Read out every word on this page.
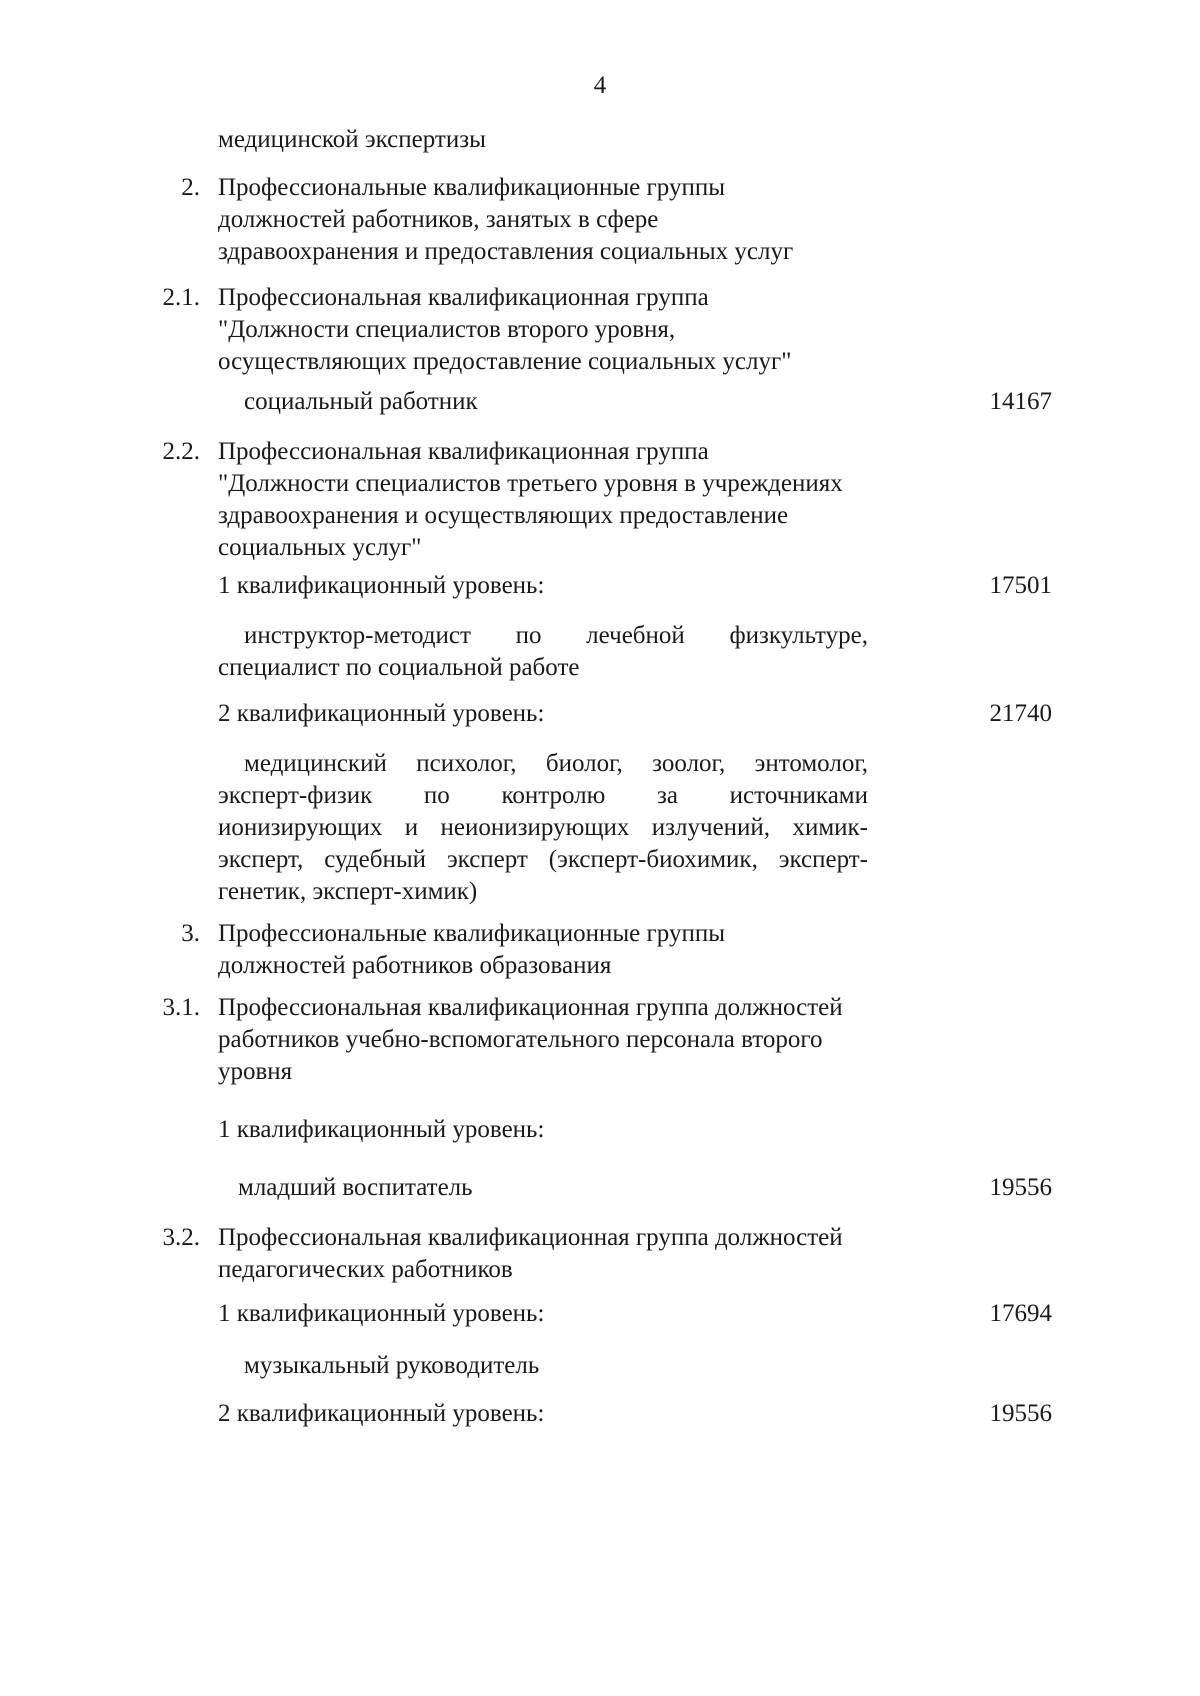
4
медицинской экспертизы
2. Профессиональные квалификационные группы
должностей работников, занятых в сфере
здравоохранения и предоставления социальных услуг
2.1. Профессиональная квалификационная группа
"Должности специалистов второго уровня,
осуществляющих предоставление социальных услуг"
социальный работник	14167
2.2. Профессиональная квалификационная группа
"Должности специалистов третьего уровня в учреждениях
здравоохранения и осуществляющих предоставление
социальных услуг"
1 квалификационный уровень:	17501
инструктор-методист по лечебной физкультуре,
специалист по социальной работе
2 квалификационный уровень:	21740
медицинский психолог, биолог, зоолог, энтомолог,
эксперт-физик по контролю за источниками
ионизирующих и неионизирующих излучений, химик-
эксперт, судебный эксперт (эксперт-биохимик, эксперт-
генетик, эксперт-химик)
3. Профессиональные квалификационные группы
должностей работников образования
3.1. Профессиональная квалификационная группа должностей
работников учебно-вспомогательного персонала второго
уровня
1 квалификационный уровень:
младший воспитатель	19556
3.2. Профессиональная квалификационная группа должностей
педагогических работников
1 квалификационный уровень:	17694
музыкальный руководитель
2 квалификационный уровень:	19556
